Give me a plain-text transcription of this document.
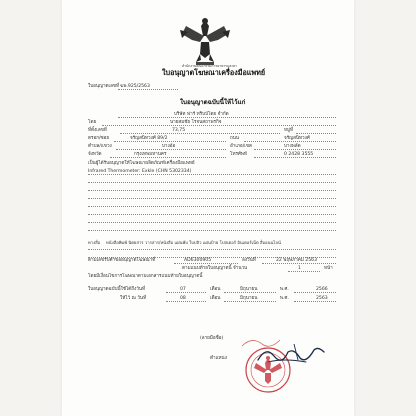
สำนักงานคณะกรรมการอาหารและยา
ใบอนุญาตโฆษณาเครื่องมือแพทย์
ใบอนุญาตเลขที่ ฆพ.925/2563
ใบอนุญาตฉบับนี้ให้ไว้แก่
บริษัท ฟาร์ ทริบบ์โดย จำกัด
โดย	นายสมชัย โรจนสถาพรกิจ
ที่ตั้งเลขที่	73,75	หมู่ที่
ตรอก/ซอย	จรัญสนิทวงศ์ 89/2	ถนน	จรัญสนิทวงศ์
ตำบล/แขวง	บางอ้อ	อำเภอ/เขต	บางพลัด
จังหวัด	กรุงเทพมหานคร	โทรศัพท์	0 2428 3555
เป็นผู้ได้รับอนุญาตให้โฆษณาผลิตภัณฑ์เครื่องมือแพทย์
Infrared Thermometer: Exkle (CHN 5302334)
ทางสื่อ หนังสือพิมพ์ นิตยสาร วารสาร/หนังสือ แผ่นพับ ใบปลิว แผ่นป้าย โปสเตอร์ อินเตอร์เน็ต สื่ออนนไลน์
ตามเลขรับคำขออนุญาตโฆษณาที่	AD6300905	ลงวันที่	22 พฤษภาคม 2563
ตามแนบท้ายใบอนุญาตนี้ จำนวน	1	หน้า
โดยมีเงื่อนไขการโฆษณาตามเอกสารแนบท้ายใบอนุญาตนี้
ใบอนุญาตฉบับนี้ใช้ได้ถึงวันที่	07	เดือน	มิถุนายน	พ.ศ.	2566
ให้ไว้ ณ วันที่	08	เดือน	มิถุนายน	พ.ศ.	2563
(ลายมือชื่อ)
ตำแหน่ง
